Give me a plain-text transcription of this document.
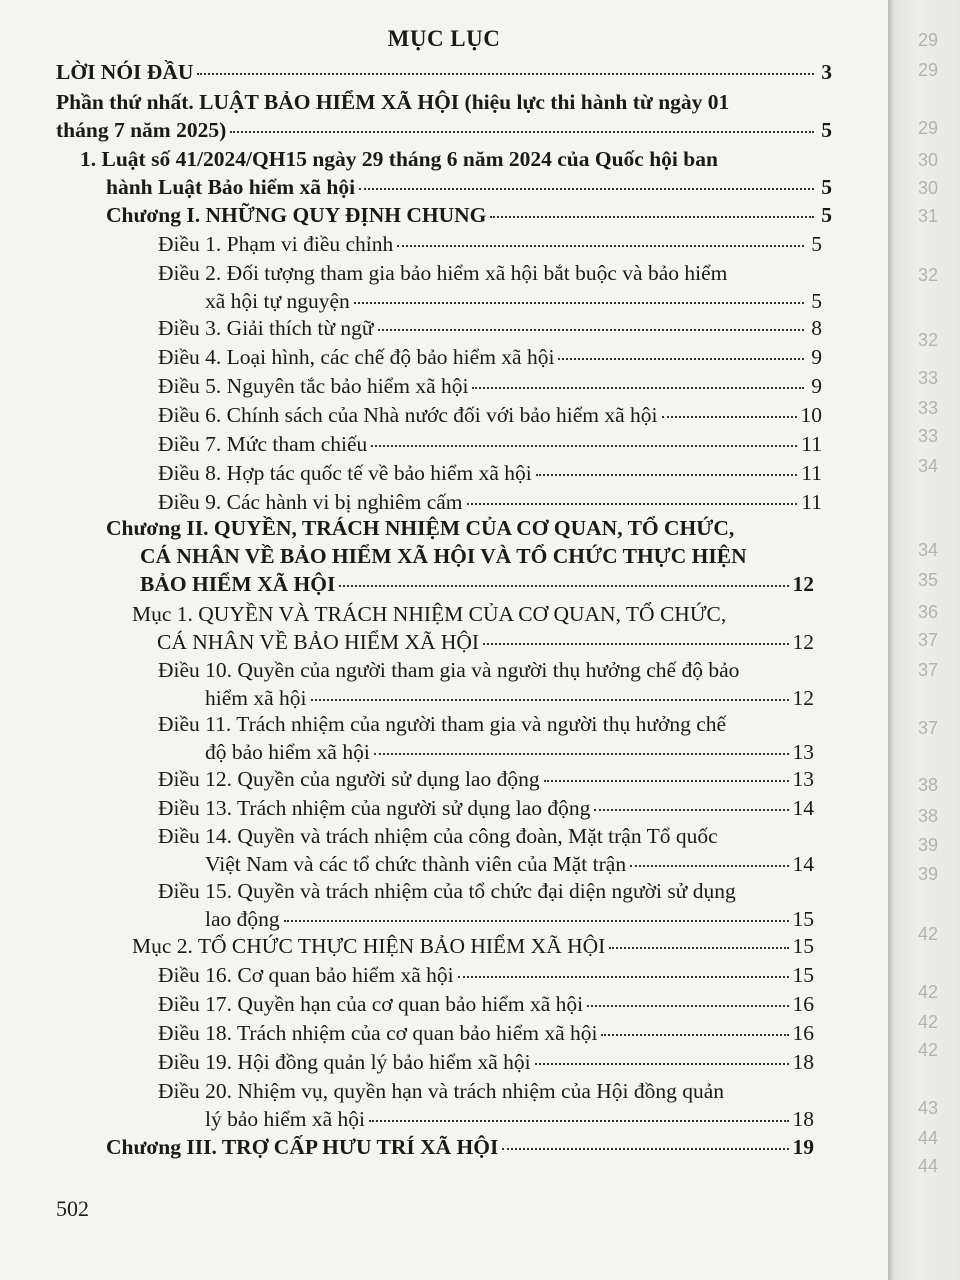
MỤC LỤC
LỜI NÓI ĐẦU	3
Phần thứ nhất. LUẬT BẢO HIỂM XÃ HỘI (hiệu lực thi hành từ ngày 01
tháng 7 năm 2025)	5
1. Luật số 41/2024/QH15 ngày 29 tháng 6 năm 2024 của Quốc hội ban
hành Luật Bảo hiểm xã hội	5
Chương I. NHỮNG QUY ĐỊNH CHUNG	5
Điều 1. Phạm vi điều chỉnh	5
Điều 2. Đối tượng tham gia bảo hiểm xã hội bắt buộc và bảo hiểm
xã hội tự nguyện	5
Điều 3. Giải thích từ ngữ	8
Điều 4. Loại hình, các chế độ bảo hiểm xã hội	9
Điều 5. Nguyên tắc bảo hiểm xã hội	9
Điều 6. Chính sách của Nhà nước đối với bảo hiểm xã hội	10
Điều 7. Mức tham chiếu	11
Điều 8. Hợp tác quốc tế về bảo hiểm xã hội	11
Điều 9. Các hành vi bị nghiêm cấm	11
Chương II. QUYỀN, TRÁCH NHIỆM CỦA CƠ QUAN, TỔ CHỨC,
CÁ NHÂN VỀ BẢO HIỂM XÃ HỘI VÀ TỔ CHỨC THỰC HIỆN
BẢO HIỂM XÃ HỘI	12
Mục 1. QUYỀN VÀ TRÁCH NHIỆM CỦA CƠ QUAN, TỔ CHỨC,
CÁ NHÂN VỀ BẢO HIỂM XÃ HỘI	12
Điều 10. Quyền của người tham gia và người thụ hưởng chế độ bảo
hiểm xã hội	12
Điều 11. Trách nhiệm của người tham gia và người thụ hưởng chế
độ bảo hiểm xã hội	13
Điều 12. Quyền của người sử dụng lao động	13
Điều 13. Trách nhiệm của người sử dụng lao động	14
Điều 14. Quyền và trách nhiệm của công đoàn, Mặt trận Tổ quốc
Việt Nam và các tổ chức thành viên của Mặt trận	14
Điều 15. Quyền và trách nhiệm của tổ chức đại diện người sử dụng
lao động	15
Mục 2. TỔ CHỨC THỰC HIỆN BẢO HIỂM XÃ HỘI	15
Điều 16. Cơ quan bảo hiểm xã hội	15
Điều 17. Quyền hạn của cơ quan bảo hiểm xã hội	16
Điều 18. Trách nhiệm của cơ quan bảo hiểm xã hội	16
Điều 19. Hội đồng quản lý bảo hiểm xã hội	18
Điều 20. Nhiệm vụ, quyền hạn và trách nhiệm của Hội đồng quản
lý bảo hiểm xã hội	18
Chương III. TRỢ CẤP HƯU TRÍ XÃ HỘI	19
502
29
29
29
30
30
31
32
32
33
33
33
34
34
35
36
37
37
37
38
38
39
39
42
42
42
42
43
44
44
